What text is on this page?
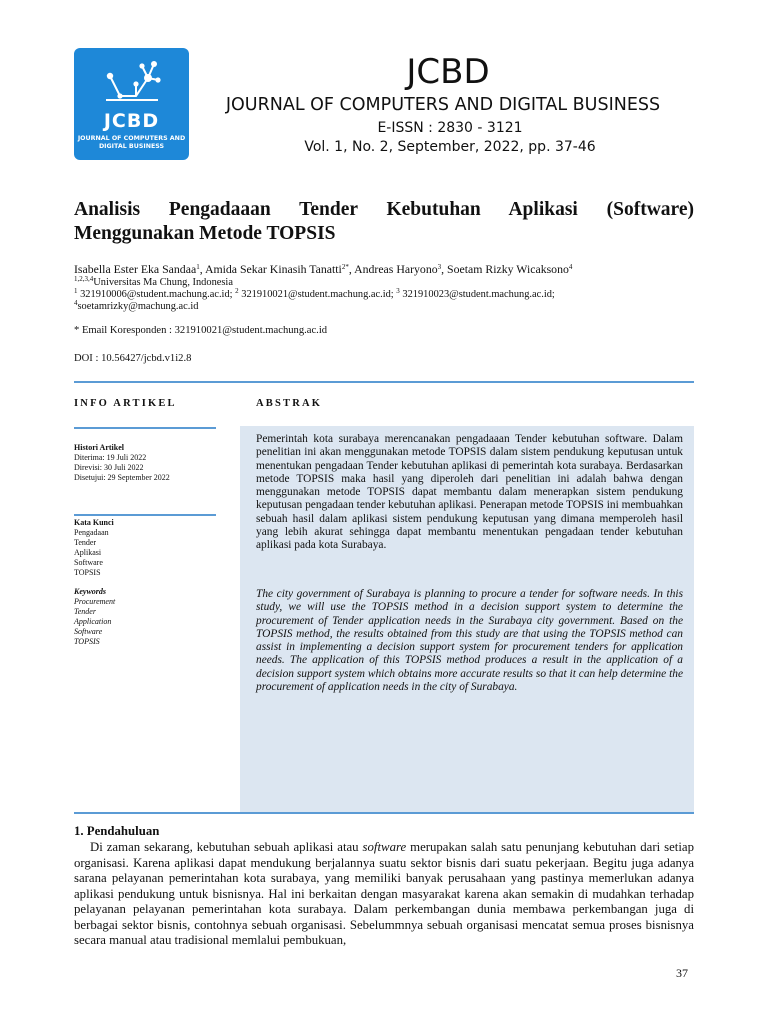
JCBD
JOURNAL OF COMPUTERS AND DIGITAL BUSINESS
JCBD
JOURNAL OF COMPUTERS AND DIGITAL BUSINESS
E-ISSN : 2830 - 3121
Vol. 1, No. 2, September, 2022, pp. 37-46
Analisis Pengadaaan Tender Kebutuhan Aplikasi (Software) Menggunakan Metode TOPSIS
Isabella Ester Eka Sandaa$^1$, Amida Sekar Kinasih Tanatti$^{2*}$, Andreas Haryono$^3$, Soetam Rizky Wicaksono$^4$
$^{1,2,3,4}$Universitas Ma Chung, Indonesia
$^1$ 321910006@student.machung.ac.id; $^2$ 321910021@student.machung.ac.id; $^3$ 321910023@student.machung.ac.id;
$^4$soetamrizky@machung.ac.id
* Email Koresponden : 321910021@student.machung.ac.id
DOI : 10.56427/jcbd.v1i2.8
INFO ARTIKEL	ABSTRAK
Pemerintah kota surabaya merencanakan pengadaaan Tender kebutuhan software. Dalam penelitian ini akan menggunakan metode TOPSIS dalam sistem pendukung keputusan untuk menentukan pengadaan Tender kebutuhan aplikasi di pemerintah kota surabaya. Berdasarkan metode TOPSIS maka hasil yang diperoleh dari penelitian ini adalah bahwa dengan menggunakan metode TOPSIS dapat membantu dalam menerapkan sistem pendukung keputusan pengadaan tender kebutuhan aplikasi. Penerapan metode TOPSIS ini membuahkan sebuah hasil dalam aplikasi sistem pendukung keputusan yang dimana memperoleh hasil yang lebih akurat sehingga dapat membantu menentukan pengadaan tender kebutuhan aplikasi pada kota Surabaya.
The city government of Surabaya is planning to procure a tender for software needs. In this study, we will use the TOPSIS method in a decision support system to determine the procurement of Tender application needs in the Surabaya city government. Based on the TOPSIS method, the results obtained from this study are that using the TOPSIS method can assist in implementing a decision support system for procurement tenders for application needs. The application of this TOPSIS method produces a result in the application of a decision support system which obtains more accurate results so that it can help determine the procurement of application needs in the city of Surabaya.
Histori Artikel
Diterima: 19 Juli 2022
Direvisi: 30 Juli 2022
Disetujui: 29 September 2022
Kata Kunci
Pengadaan
Tender
Aplikasi
Software
TOPSIS
Keywords
Procurement
Tender
Application
Software
TOPSIS
1. Pendahuluan
Di zaman sekarang, kebutuhan sebuah aplikasi atau software merupakan salah satu penunjang kebutuhan dari setiap organisasi. Karena aplikasi dapat mendukung berjalannya suatu sektor bisnis dari suatu pekerjaan. Begitu juga adanya sarana pelayanan pemerintahan kota surabaya, yang memiliki banyak perusahaan yang pastinya memerlukan adanya aplikasi pendukung untuk bisnisnya. Hal ini berkaitan dengan masyarakat karena akan semakin di mudahkan terhadap pelayanan pelayanan pemerintahan kota surabaya. Dalam perkembangan dunia membawa perkembangan juga di berbagai sektor bisnis, contohnya sebuah organisasi. Sebelummnya sebuah organisasi mencatat semua proses bisnisnya secara manual atau tradisional memlalui pembukuan,
37
